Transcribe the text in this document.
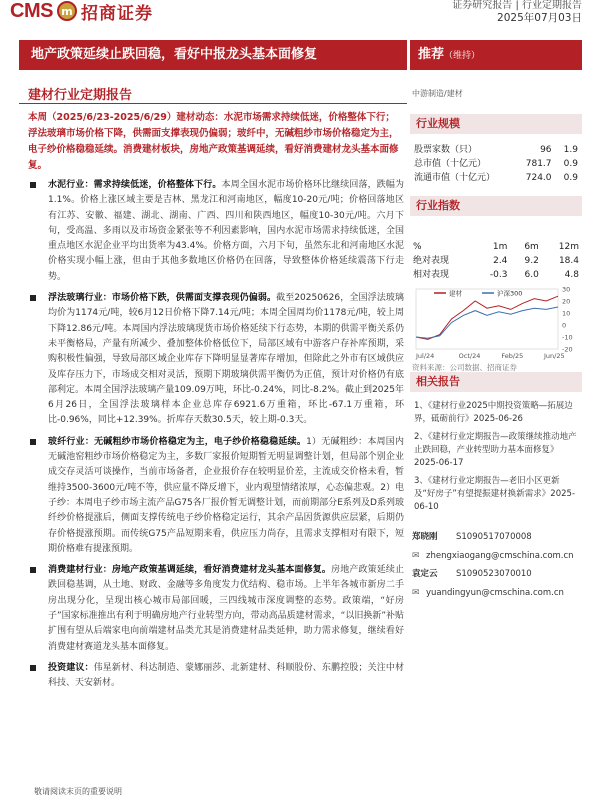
CMS m 招商证券	证券研究报告 | 行业定期报告
2025年07月03日
地产政策延续止跌回稳，看好中报龙头基本面修复	推荐（维持）
建材行业定期报告
本周（2025/6/23-2025/6/29）建材动态：水泥市场需求持续低迷，价格整体下行；浮法玻璃市场价格下降，供需面支撑表现仍偏弱；玻纤中，无碱粗纱市场价格稳定为主，电子纱价格稳稳延续。消费建材板块，房地产政策基调延续，看好消费建材龙头基本面修复。
水泥行业：需求持续低迷，价格整体下行。本周全国水泥市场价格环比继续回落，跌幅为1.1%。价格上涨区域主要是吉林、黑龙江和河南地区，幅度10-20元/吨；价格回落地区有江苏、安徽、福建、湖北、湖南、广西、四川和陕西地区，幅度10-30元/吨。六月下旬，受高温、多雨以及市场资金紧张等不利因素影响，国内水泥市场需求持续低迷，全国重点地区水泥企业平均出货率为43.4%。价格方面，六月下旬，虽然东北和河南地区水泥价格实现小幅上涨，但由于其他多数地区价格仍在回落，导致整体价格延续震荡下行走势。
浮法玻璃行业：市场价格下跌，供需面支撑表现仍偏弱。截至20250626，全国浮法玻璃均价为1174元/吨，较6月12日价格下降7.14元/吨；本周全国周均价1178元/吨，较上周下降12.86元/吨。本周国内浮法玻璃现货市场价格延续下行态势，本期的供需平衡关系仍未平衡格局，产量有所减少、叠加整体价格低位下，局部区域有中游客户存补库预期，采购积极性偏强，导致局部区域企业库存下降明显显著库存增加，但除此之外市有区域供应及库存压力下，市场成交相对灵活，预期下期玻璃供需平衡仍为正值，预计对价格仍有底部利定。本周全国浮法玻璃产量109.09万吨，环比-0.24%，同比-8.2%。截止到2025年6月26日，全国浮法玻璃样本企业总库存6921.6万重箱，环比-67.1万重箱，环比-0.96%，同比+12.39%。折库存天数30.5天，较上期-0.3天。
玻纤行业：无碱粗纱市场价格稳定为主，电子纱价格稳稳延续。1）无碱粗纱：本周国内无碱池窑粗纱市场价格稳定为主，多数厂家报价短期暂无明显调整计划，但局部个别企业成交存灵活可谈操作，当前市场备者，企业报价存在较明显价差，主流成交价格未看，暂维持3500-3600元/吨不等，供应量不降反增下，业内观望情绪浓厚，心态偏悲观。2）电子纱：本周电子纱市场主流产品G75各厂报价暂无调整计划，而前期部分E系列及D系列玻纤纱价格提涨后，侧面支撑传统电子纱价格稳定运行，其余产品因货源供应层紧，后期仍存价格提涨预期。而传统G75产品短期来看，供应压力尚存，且需求支撑相对有限下，短期价格难有提涨预期。
消费建材行业：房地产政策基调延续，看好消费建材龙头基本面修复。房地产政策延续止跌回稳基调，从土地、财政、金融等多角度发力优结构、稳市场。上半年各城市新房二手房出现分化，呈现出核心城市局部回暖，三四线城市深度调整的态势。政策端，“好房子”国家标准推出有利于明确房地产行业转型方向，带动高品质建材需求，“以旧换新”补贴扩围有望从后端家电向前端建材品类尤其是消费建材品类延伸，助力需求修复，继续看好消费建材赛道龙头基本面修复。
投资建议：伟星新材、科达制造、蒙娜丽莎、北新建材、科顺股份、东鹏控股；关注中材科技、天安新材。
中游制造/建材
行业规模
股票家数（只）	96	1.9
总市值（十亿元）	781.7	0.9
流通市值（十亿元）	724.0	0.9
行业指数
%	1m	6m	12m
绝对表现	2.4	9.2	18.4
相对表现	-0.3	6.0	4.8
30
20
10
0
-10
-20
Jul/24	Oct/24	Feb/25	Jun/25
建材	沪深300
资料来源：公司数据、招商证券
相关报告
1、《建材行业2025中期投资策略—拓展边界，砥砺前行》2025-06-26
2、《建材行业定期报告—政策继续推动地产止跌回稳，产业转型助力基本面修复》2025-06-17
3、《建材行业定期报告—老旧小区更新及“好房子”有望提振建材换新需求》2025-06-10
郑晓刚 S1090517070008
✉ zhengxiaogang@cmschina.com.cn
袁定云 S1090523070010
✉ yuandingyun@cmschina.com.cn
敬请阅读末页的重要说明
